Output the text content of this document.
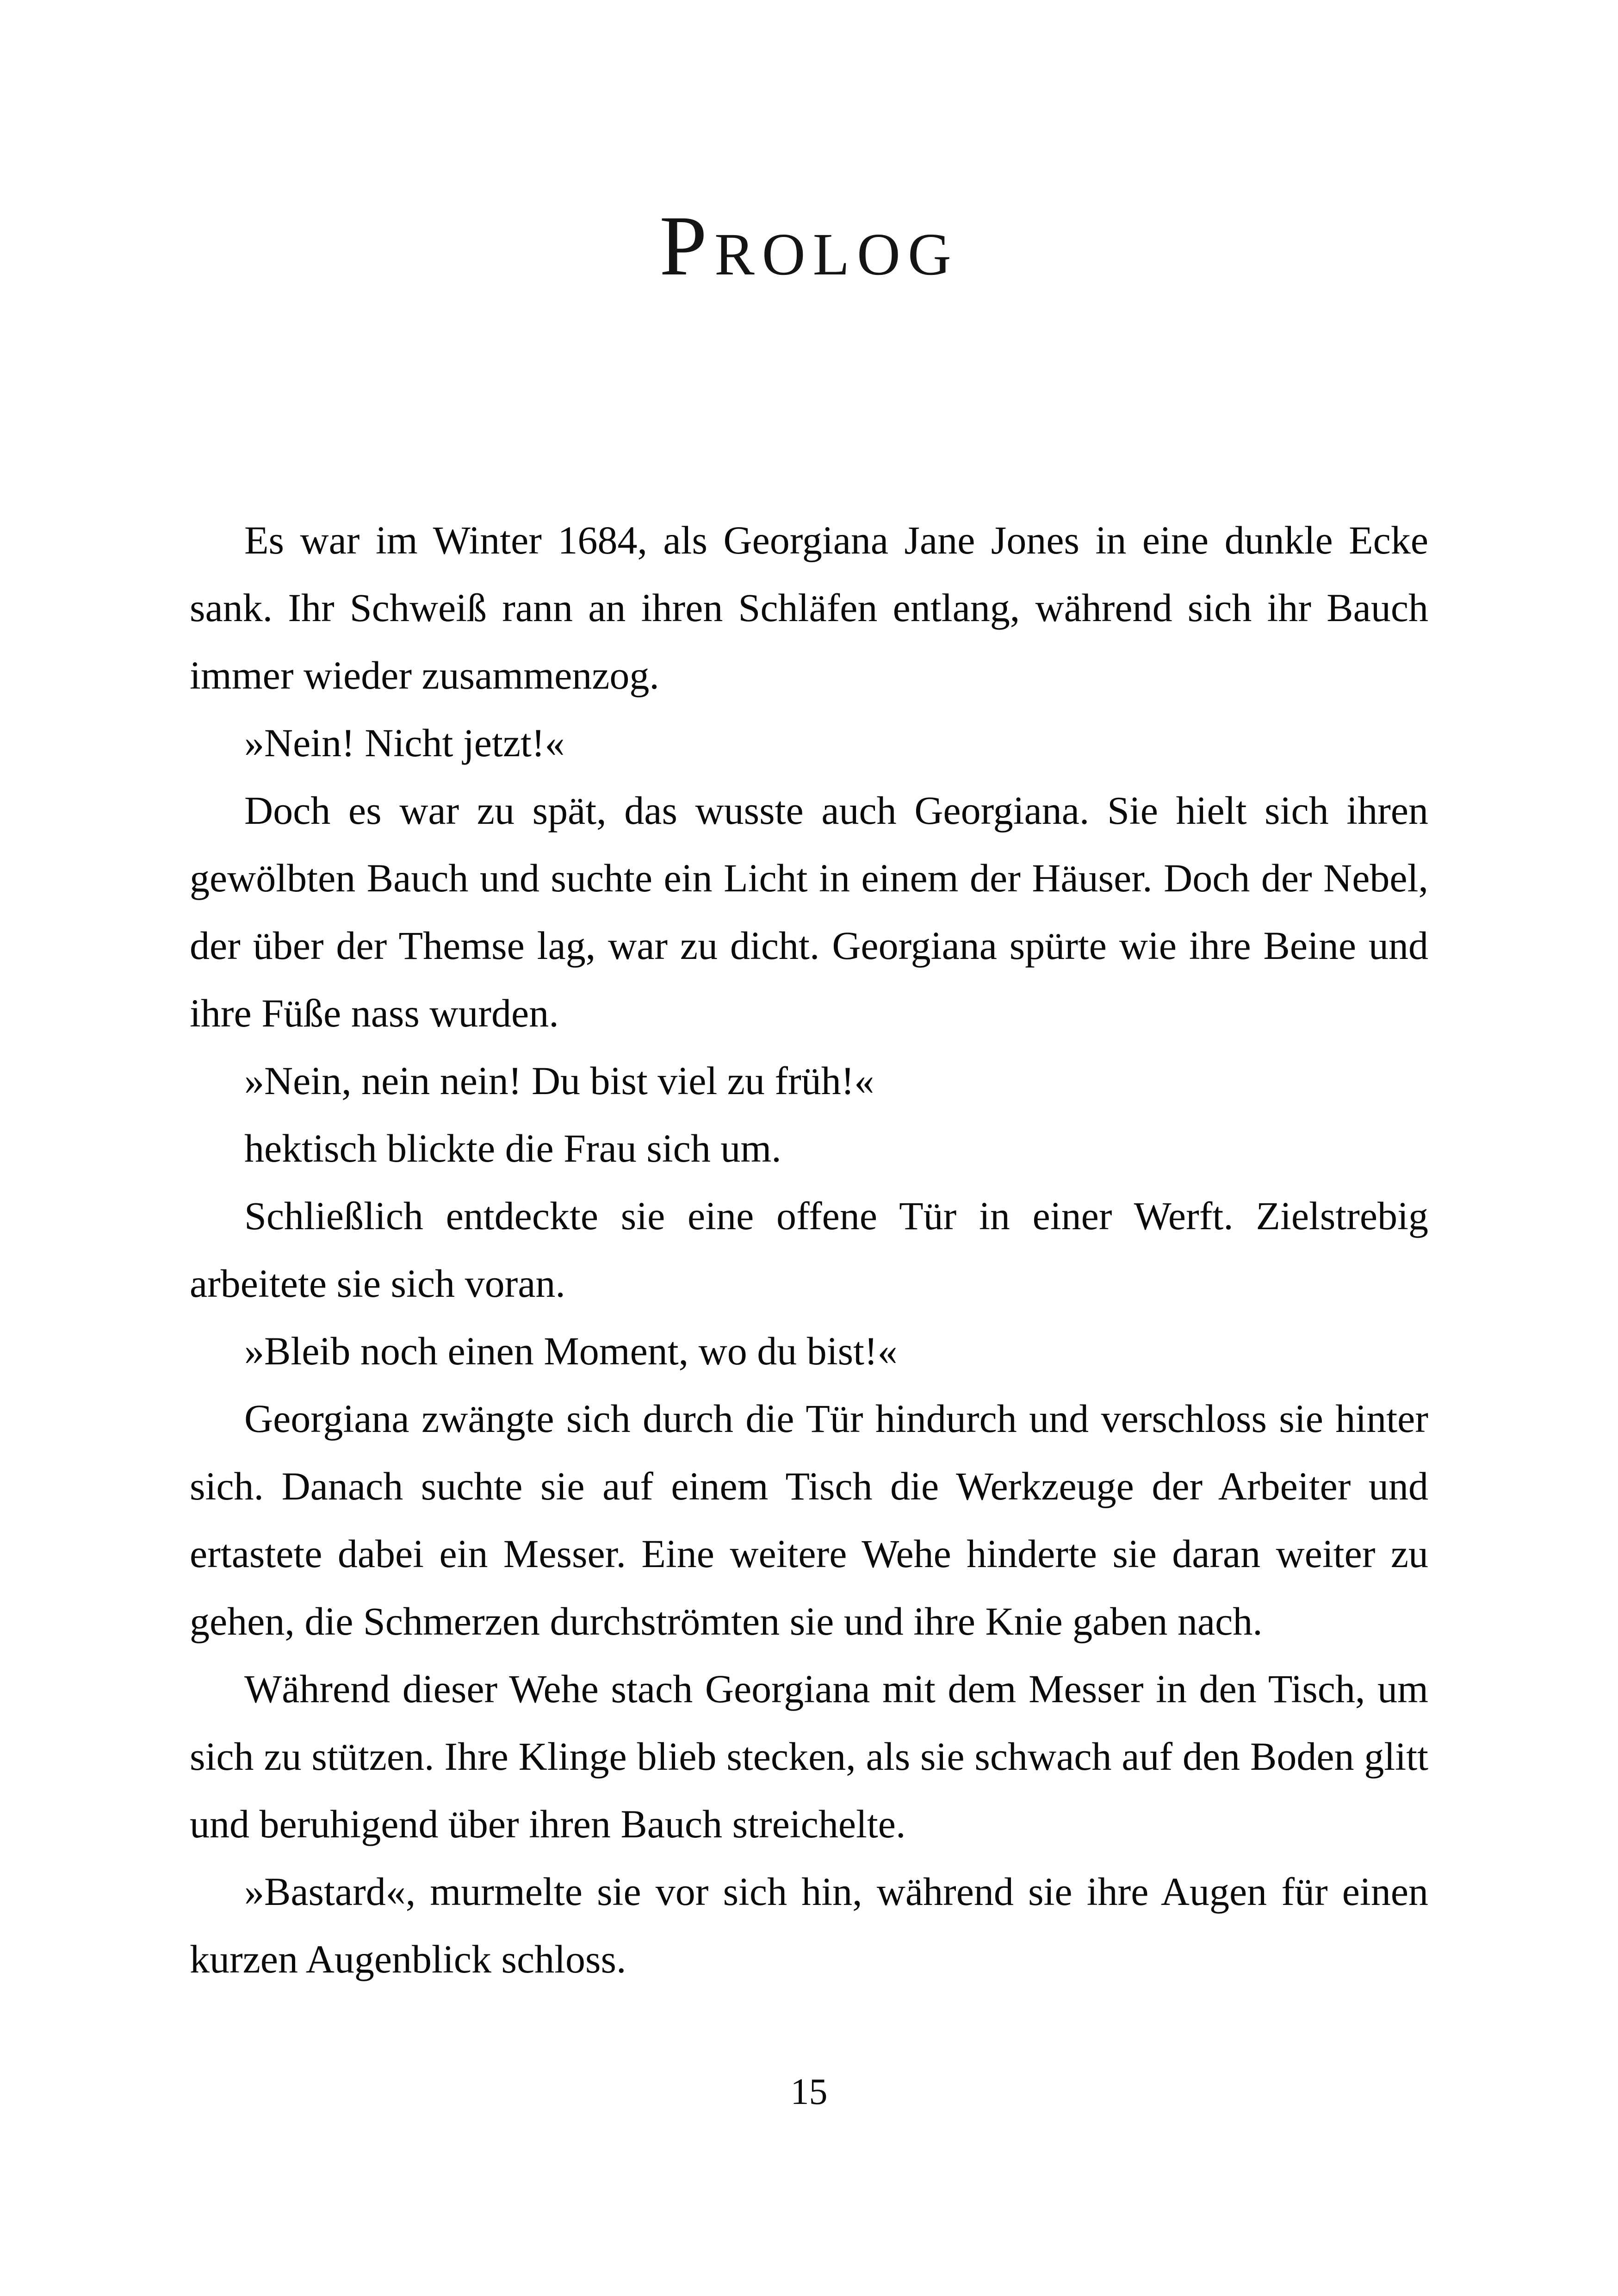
Prolog

Es war im Winter 1684, als Georgiana Jane Jones in eine dunkle Ecke sank. Ihr Schweiß rann an ihren Schläfen entlang, während sich ihr Bauch immer wieder zusammenzog.

»Nein! Nicht jetzt!«

Doch es war zu spät, das wusste auch Georgiana. Sie hielt sich ihren gewölbten Bauch und suchte ein Licht in einem der Häuser. Doch der Nebel, der über der Themse lag, war zu dicht. Georgiana spürte wie ihre Beine und ihre Füße nass wurden.

»Nein, nein nein! Du bist viel zu früh!«

hektisch blickte die Frau sich um.

Schließlich entdeckte sie eine offene Tür in einer Werft. Zielstrebig arbeitete sie sich voran.

»Bleib noch einen Moment, wo du bist!«

Georgiana zwängte sich durch die Tür hindurch und verschloss sie hinter sich. Danach suchte sie auf einem Tisch die Werkzeuge der Arbeiter und ertastete dabei ein Messer. Eine weitere Wehe hinderte sie daran weiter zu gehen, die Schmerzen durchströmten sie und ihre Knie gaben nach.

Während dieser Wehe stach Georgiana mit dem Messer in den Tisch, um sich zu stützen. Ihre Klinge blieb stecken, als sie schwach auf den Boden glitt und beruhigend über ihren Bauch streichelte.

»Bastard«, murmelte sie vor sich hin, während sie ihre Augen für einen kurzen Augenblick schloss.

15
